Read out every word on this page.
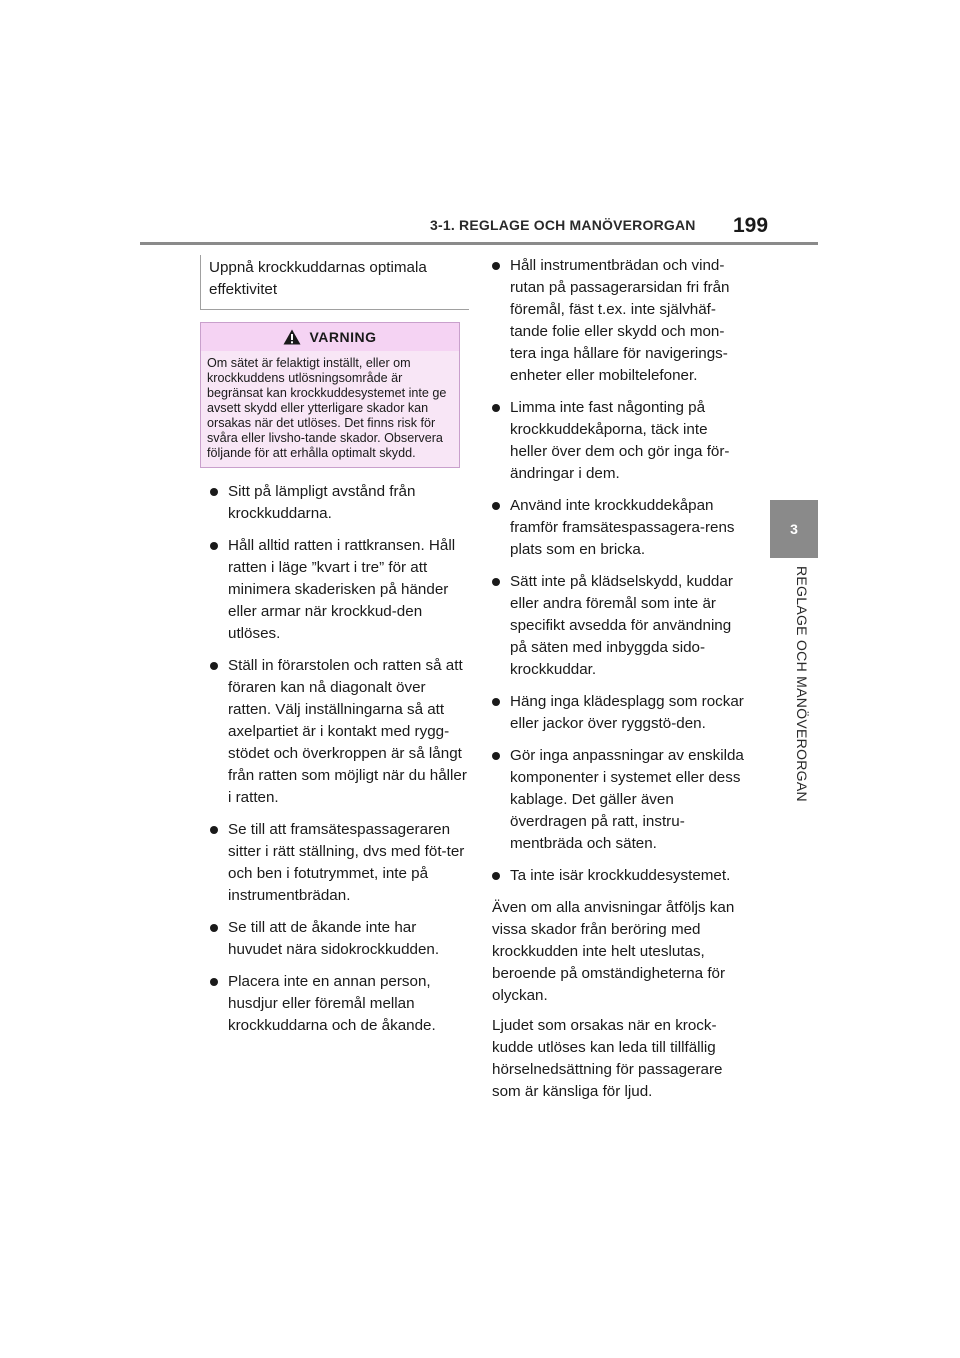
3-1. REGLAGE OCH MANÖVERORGAN 199
3
REGLAGE OCH MANÖVERORGAN
Uppnå krockkuddarnas optimala effektivitet
VARNING
Om sätet är felaktigt inställt, eller om krockkuddens utlösningsområde är begränsat kan krockkuddesystemet inte ge avsett skydd eller ytterligare skador kan orsakas när det utlöses. Det finns risk för svåra eller livsho-tande skador. Observera följande för att erhålla optimalt skydd.
Sitt på lämpligt avstånd från krockkuddarna.
Håll alltid ratten i rattkransen. Håll ratten i läge ”kvart i tre” för att minimera skaderisken på händer eller armar när krockkud-den utlöses.
Ställ in förarstolen och ratten så att föraren kan nå diagonalt över ratten. Välj inställningarna så att axelpartiet är i kontakt med rygg-stödet och överkroppen är så långt från ratten som möjligt när du håller i ratten.
Se till att framsätespassageraren sitter i rätt ställning, dvs med föt-ter och ben i fotutrymmet, inte på instrumentbrädan.
Se till att de åkande inte har huvudet nära sidokrockkudden.
Placera inte en annan person, husdjur eller föremål mellan krockkuddarna och de åkande.
Håll instrumentbrädan och vind-rutan på passagerarsidan fri från föremål, fäst t.ex. inte självhäf-tande folie eller skydd och mon-tera inga hållare för navigerings-enheter eller mobiltelefoner.
Limma inte fast någonting på krockkuddekåporna, täck inte heller över dem och gör inga för-ändringar i dem.
Använd inte krockkuddekåpan framför framsätespassagera-rens plats som en bricka.
Sätt inte på klädselskydd, kuddar eller andra föremål som inte är specifikt avsedda för användning på säten med inbyggda sido-krockkuddar.
Häng inga klädesplagg som rockar eller jackor över ryggstö-den.
Gör inga anpassningar av enskilda komponenter i systemet eller dess kablage. Det gäller även överdragen på ratt, instru-mentbräda och säten.
Ta inte isär krockkuddesystemet.

Även om alla anvisningar åtföljs kan vissa skador från beröring med krockkudden inte helt uteslutas, beroende på omständigheterna för olyckan.

Ljudet som orsakas när en krock-kudde utlöses kan leda till tillfällig hörselnedsättning för passagerare som är känsliga för ljud.
